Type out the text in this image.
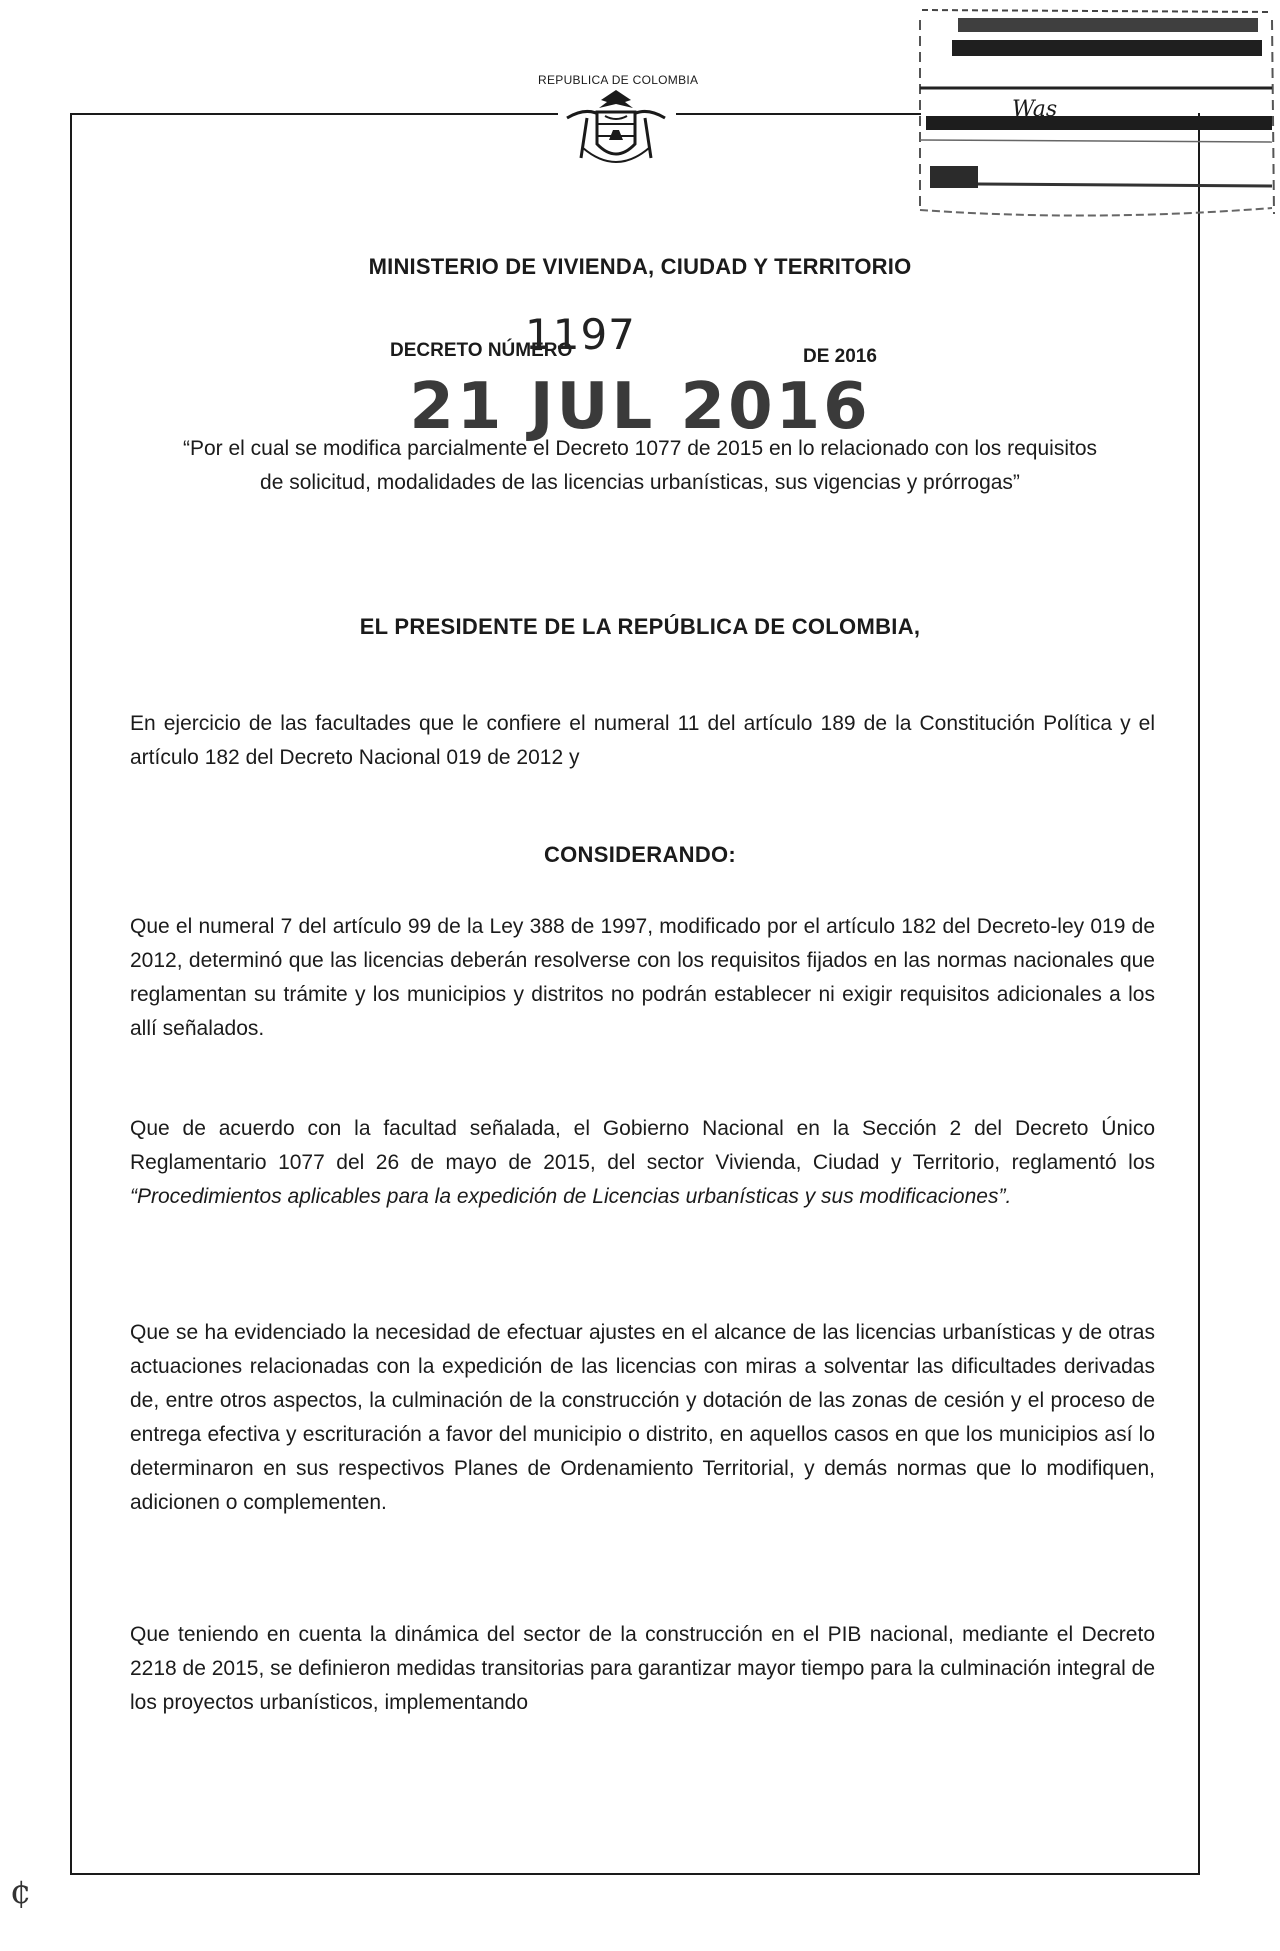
REPUBLICA DE COLOMBIA
Was
MINISTERIO DE VIVIENDA, CIUDAD Y TERRITORIO
DECRETO NÚMERO
1197	DE 2016
21 JUL 2016
“Por el cual se modifica parcialmente el Decreto 1077 de 2015 en lo relacionado con los requisitos de solicitud, modalidades de las licencias urbanísticas, sus vigencias y prórrogas”
EL PRESIDENTE DE LA REPÚBLICA DE COLOMBIA,
En ejercicio de las facultades que le confiere el numeral 11 del artículo 189 de la Constitución Política y el artículo 182 del Decreto Nacional 019 de 2012 y
CONSIDERANDO:
Que el numeral 7 del artículo 99 de la Ley 388 de 1997, modificado por el artículo 182 del Decreto-ley 019 de 2012, determinó que las licencias deberán resolverse con los requisitos fijados en las normas nacionales que reglamentan su trámite y los municipios y distritos no podrán establecer ni exigir requisitos adicionales a los allí señalados.
Que de acuerdo con la facultad señalada, el Gobierno Nacional en la Sección 2 del Decreto Único Reglamentario 1077 del 26 de mayo de 2015, del sector Vivienda, Ciudad y Territorio, reglamentó los “Procedimientos aplicables para la expedición de Licencias urbanísticas y sus modificaciones”.
Que se ha evidenciado la necesidad de efectuar ajustes en el alcance de las licencias urbanísticas y de otras actuaciones relacionadas con la expedición de las licencias con miras a solventar las dificultades derivadas de, entre otros aspectos, la culminación de la construcción y dotación de las zonas de cesión y el proceso de entrega efectiva y escrituración a favor del municipio o distrito, en aquellos casos en que los municipios así lo determinaron en sus respectivos Planes de Ordenamiento Territorial, y demás normas que lo modifiquen, adicionen o complementen.
Que teniendo en cuenta la dinámica del sector de la construcción en el PIB nacional, mediante el Decreto 2218 de 2015, se definieron medidas transitorias para garantizar mayor tiempo para la culminación integral de los proyectos urbanísticos, implementando
¢
